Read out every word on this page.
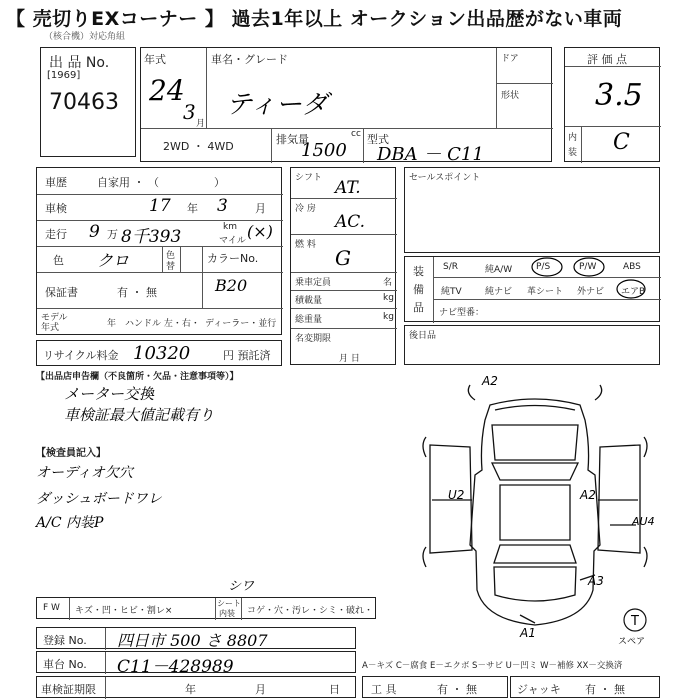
【 売切りEXコーナー 】 過去1年以上 オークション出品歴がない車両
（核合機）対応角組
出 品 No.
[1969]
70463
年式
24
3 月
車名・グレード
ティーダ
ドア
形状
2WD ・ 4WD
排気量	cc
1500
型式
DBA － C11
評 価 点
3.5
内
装 C
車歴	自家用 ・ （　　　　　）
車検	17 年 3 月
走行 9 万 8千393	km
マイル (×)
色 クロ	色
替
カラーNo.
B20
保証書	有 ・ 無
モデル
年式	年 ハンドル 左・右・ ディーラー・並行
リサイクル料金 10320	円 預託済
シフト AT.
冷 房
AC.
燃 料
G
乗車定員	名
積載量	kg
総重量	kg
名変期限
月 日
セールスポイント
装
備
品
S/R	純A/W	P/S	P/W	ABS
純TV	純ナビ 革シート 外ナビ エアB
ナビ型番：
後日品
【出品店申告欄（不良箇所・欠品・注意事項等）】
メーター交換
車検証最大値記載有り
【検査員記入】
オーディオ欠穴
ダッシュボードワレ
A/C 内装P
A2
U2	A2
AU4
A3
A1
T
スペア
F W キズ・凹・ヒビ・割レ×
シート
内装 コゲ・穴・汚レ・シミ・破れ・
シワ
登録 No. 四日市 500 さ 8807
車台 No. C11－428989	A－キズ C－腐食 E－エクボ S－サビ U－凹ミ W－補修 XX－交換済
車検証期限	年	月	日	工 具	有 ・ 無	ジャッキ 有 ・ 無
